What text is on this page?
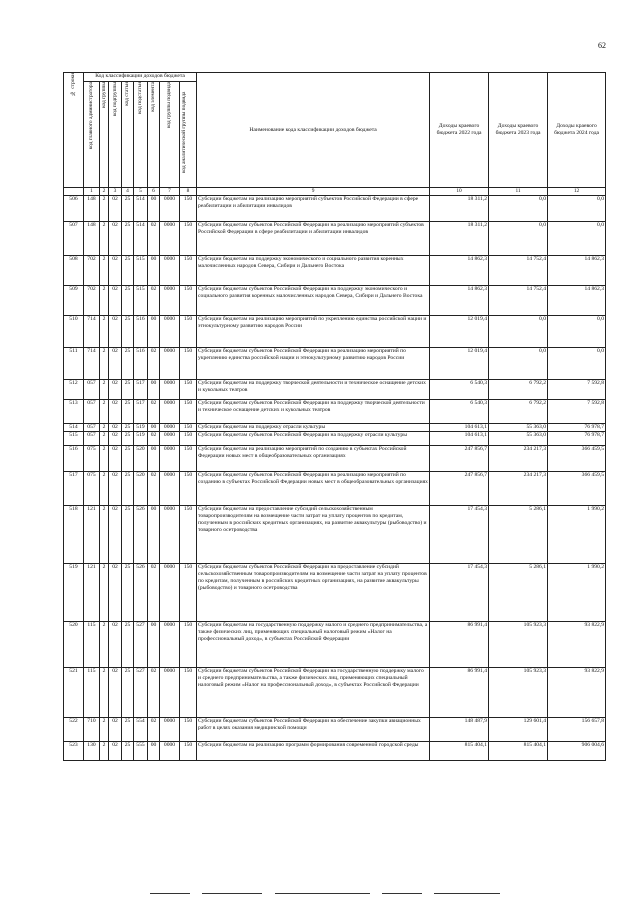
62
№ строки	Код классификации доходов бюджета								Наименование кода классификации доходов бюджета	Доходы краевого бюджета 2022 года	Доходы краевого бюджета 2023 года	Доходы краевого бюджета 2024 года

	код главного администратора	код группы	код подгруппы	код статьи	код подстатьи	код элемента	код группы подвида	код аналитической группы подвида				

	1	2	3	4	5	6	7	8	9	10	11	12
506	148	2	02	25	514	00	0000	150	Субсидии бюджетам на реализацию мероприятий субъектов Российской Федерации в сфере реабилитации и абилитации инвалидов	18 311,2	0,0	0,0
507	148	2	02	25	514	02	0000	150	Субсидии бюджетам субъектов Российской Федерации на реализацию мероприятий субъектов Российской Федерации в сфере реабилитации и абилитации инвалидов	18 311,2	0,0	0,0
508	702	2	02	25	515	00	0000	150	Субсидии бюджетам на поддержку экономического и социального развития коренных малочисленных народов Севера, Сибири и Дальнего Востока	14 862,3	14 752,4	14 862,3
509	702	2	02	25	515	02	0000	150	Субсидии бюджетам субъектов Российской Федерации на поддержку экономического и социального развития коренных малочисленных народов Севера, Сибири и Дальнего Востока	14 862,3	14 752,4	14 862,3
510	714	2	02	25	516	00	0000	150	Субсидии бюджетам на реализацию мероприятий по укреплению единства российской нации и этнокультурному развитию народов России	12 019,4	0,0	0,0
511	714	2	02	25	516	02	0000	150	Субсидии бюджетам субъектов Российской Федерации на реализацию мероприятий по укреплению единства российской нации и этнокультурному развитию народов России	12 019,4	0,0	0,0
512	057	2	02	25	517	00	0000	150	Субсидии бюджетам на поддержку творческой деятельности и техническое оснащение детских и кукольных театров	6 540,3	6 792,2	7 592,8
513	057	2	02	25	517	02	0000	150	Субсидии бюджетам субъектов Российской Федерации на поддержку творческой деятельности и техническое оснащение детских и кукольных театров	6 540,3	6 792,2	7 592,8
514	057	2	02	25	519	00	0000	150	Субсидии бюджетам на поддержку отрасли культуры	104 613,1	55 363,0	76 978,7
515	057	2	02	25	519	02	0000	150	Субсидии бюджетам субъектов Российской Федерации на поддержку отрасли культуры	104 613,1	55 363,0	76 978,7
516	075	2	02	25	520	00	0000	150	Субсидии бюджетам на реализацию мероприятий по созданию в субъектах Российской Федерации новых мест в общеобразовательных организациях	247 856,7	234 217,3	366 459,5
517	075	2	02	25	520	02	0000	150	Субсидии бюджетам субъектов Российской Федерации на реализацию мероприятий по созданию в субъектах Российской Федерации новых мест в общеобразовательных организациях	247 856,7	234 217,3	366 459,5
518	121	2	02	25	526	00	0000	150	Субсидии бюджетам на предоставление субсидий сельскохозяйственным товаропроизводителям на возмещение части затрат на уплату процентов по кредитам, полученным в российских кредитных организациях, на развитие аквакультуры (рыбоводство) и товарного осетроводства	17 454,3	5 286,1	1 990,2
519	121	2	02	25	526	02	0000	150	Субсидии бюджетам субъектов Российской Федерации на предоставление субсидий сельскохозяйственным товаропроизводителям на возмещение части затрат на уплату процентов по кредитам, полученным в российских кредитных организациях, на развитие аквакультуры (рыбоводство) и товарного осетроводства	17 454,3	5 286,1	1 990,2
520	115	2	02	25	527	00	0000	150	Субсидии бюджетам на государственную поддержку малого и среднего предпринимательства, а также физических лиц, применяющих специальный налоговый режим «Налог на профессиональный доход», в субъектах Российской Федерации	86 991,4	105 923,3	93 822,9
521	115	2	02	25	527	02	0000	150	Субсидии бюджетам субъектов Российской Федерации на государственную поддержку малого и среднего предпринимательства, а также физических лиц, применяющих специальный налоговый режим «Налог на профессиональный доход», в субъектах Российской Федерации	86 991,4	105 923,3	93 822,9
522	710	2	02	25	554	02	0000	150	Субсидии бюджетам субъектов Российской Федерации на обеспечение закупки авиационных работ в целях оказания медицинской помощи	148 487,9	129 601,4	156 657,8
523	130	2	02	25	555	00	0000	150	Субсидии бюджетам на реализацию программ формирования современной городской среды	815 404,1	815 404,1	906 004,6
